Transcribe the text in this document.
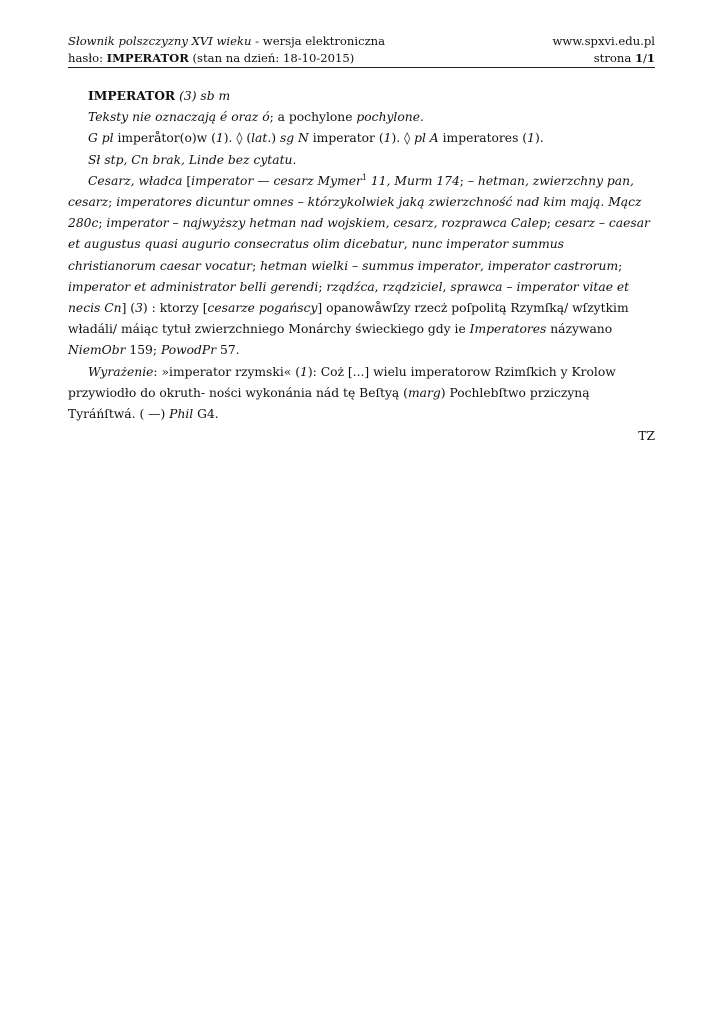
Słownik polszczyzny XVI wieku - wersja elektroniczna	www.spxvi.edu.pl
hasło: IMPERATOR (stan na dzień: 18-10-2015)	strona 1/1

IMPERATOR (3) sb m

Teksty nie oznaczają é oraz ó; a pochylone pochylone.

G pl imperåtor(o)w (1). ◊ (lat.) sg N imperator (1). ◊ pl A imperatores (1).

Sł stp, Cn brak, Linde bez cytatu.

Cesarz, władca [imperator — cesarz Mymer$^1$ 11, Murm 174; – hetman, zwierzchny pan, cesarz; imperatores dicuntur omnes – którzykolwiek jaką zwierzchność nad kim mają. Mącz 280c; imperator – najwyższy hetman nad wojskiem, cesarz, rozprawca Calep; cesarz – caesar et augustus quasi augurio consecratus olim dicebatur, nunc imperator summus christianorum caesar vocatur; hetman wielki – summus imperator, imperator castrorum; imperator et administrator belli gerendi; rządźca, rządziciel, sprawca – imperator vitae et necis Cn] (3) : ktorzy [cesarze pogańscy] opanowåwſzy rzecż poſpolitą Rzymſką/ wſzytkim władáli/ máiąc tytuł zwierzchniego Monárchy świeckiego gdy ie Imperatores názywano NiemObr 159; PowodPr 57.

Wyrażenie: »imperator rzymski« (1): Coż [...] wielu imperatorow Rzimſkich y Krolow przywiodło do okruth- ności wykonánia nád tę Beſtyą (marg) Pochlebſtwo prziczyną Tyráńſtwá. ( —) Phil G4.

TZ
